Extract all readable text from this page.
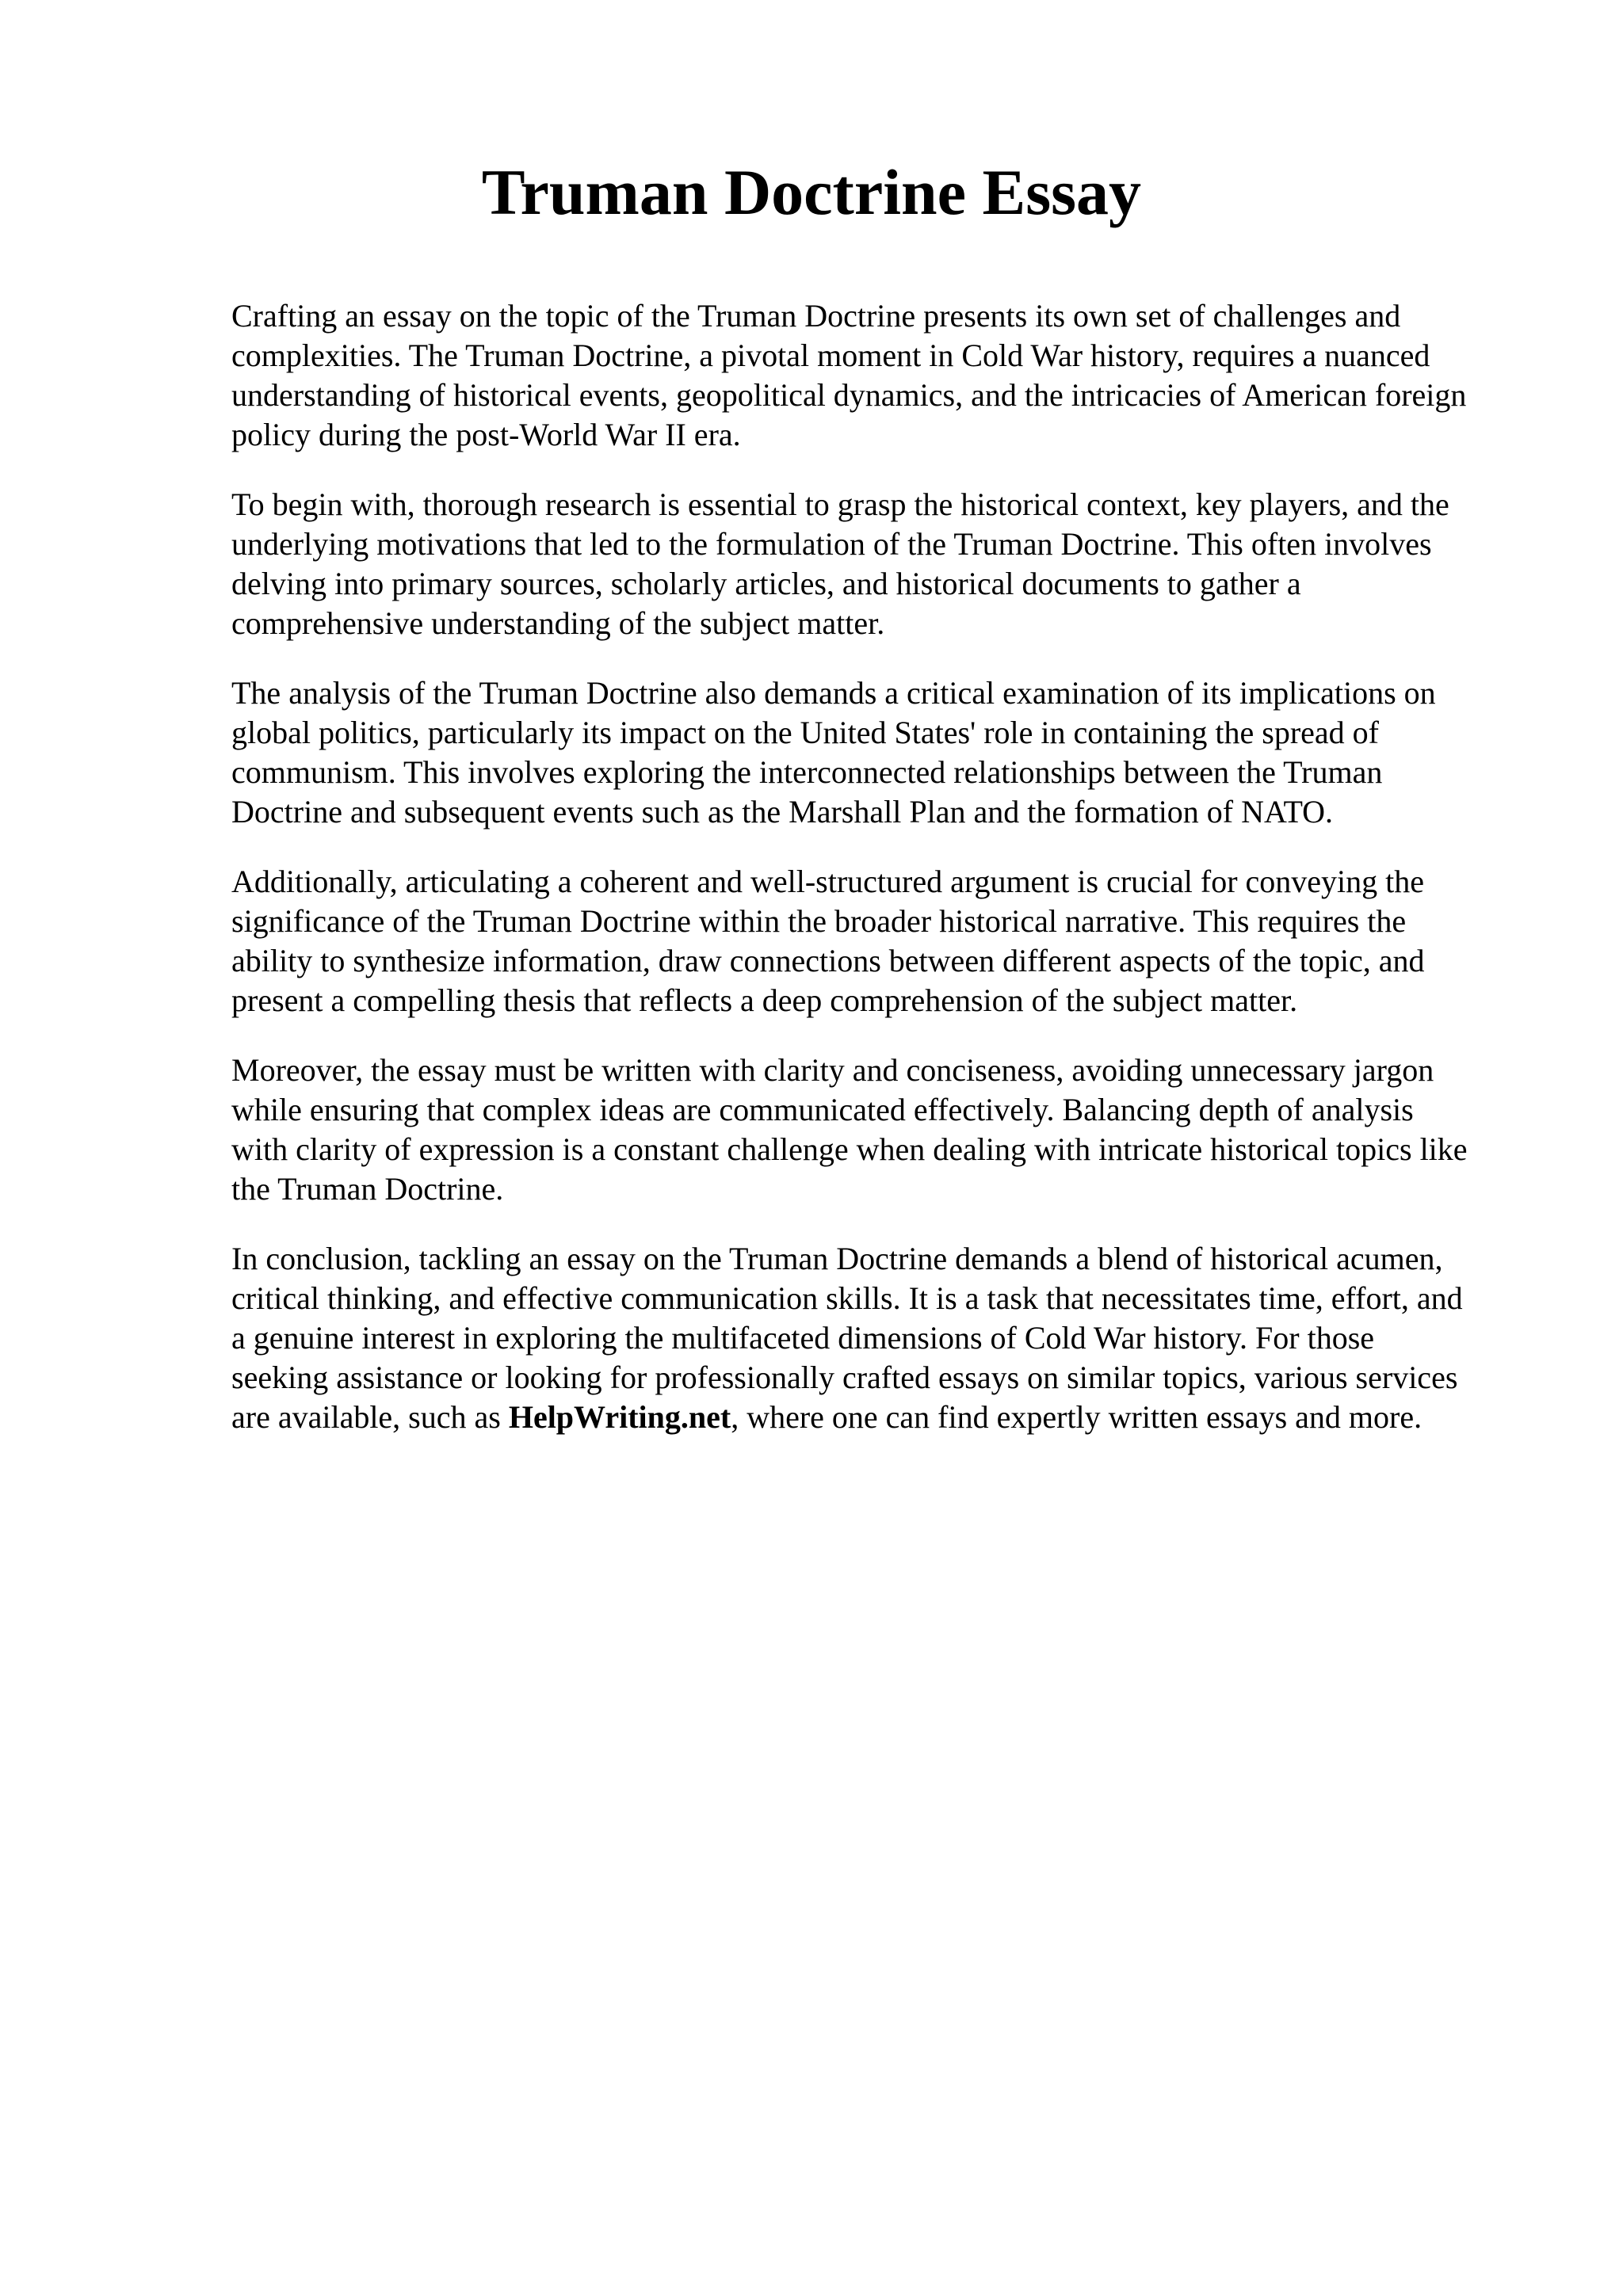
Truman Doctrine Essay

Crafting an essay on the topic of the Truman Doctrine presents its own set of challenges and
complexities. The Truman Doctrine, a pivotal moment in Cold War history, requires a nuanced
understanding of historical events, geopolitical dynamics, and the intricacies of American foreign
policy during the post-World War II era.

To begin with, thorough research is essential to grasp the historical context, key players, and the
underlying motivations that led to the formulation of the Truman Doctrine. This often involves
delving into primary sources, scholarly articles, and historical documents to gather a
comprehensive understanding of the subject matter.

The analysis of the Truman Doctrine also demands a critical examination of its implications on
global politics, particularly its impact on the United States' role in containing the spread of
communism. This involves exploring the interconnected relationships between the Truman
Doctrine and subsequent events such as the Marshall Plan and the formation of NATO.

Additionally, articulating a coherent and well-structured argument is crucial for conveying the
significance of the Truman Doctrine within the broader historical narrative. This requires the
ability to synthesize information, draw connections between different aspects of the topic, and
present a compelling thesis that reflects a deep comprehension of the subject matter.

Moreover, the essay must be written with clarity and conciseness, avoiding unnecessary jargon
while ensuring that complex ideas are communicated effectively. Balancing depth of analysis
with clarity of expression is a constant challenge when dealing with intricate historical topics like
the Truman Doctrine.

In conclusion, tackling an essay on the Truman Doctrine demands a blend of historical acumen,
critical thinking, and effective communication skills. It is a task that necessitates time, effort, and
a genuine interest in exploring the multifaceted dimensions of Cold War history. For those
seeking assistance or looking for professionally crafted essays on similar topics, various services
are available, such as HelpWriting.net, where one can find expertly written essays and more.
